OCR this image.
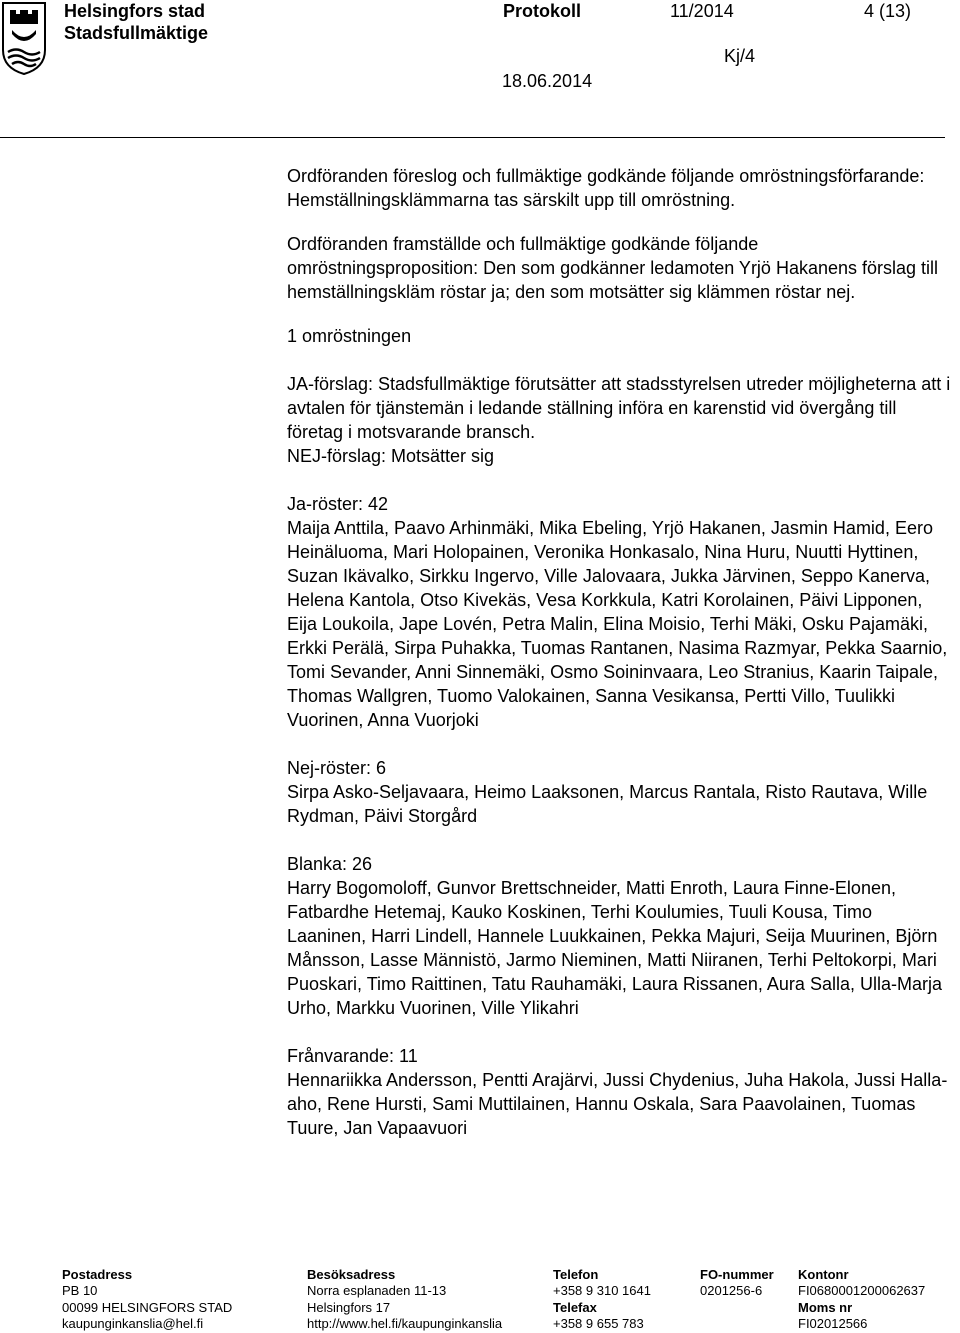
Helsingfors stad
Stadsfullmäktige
Protokoll	11/2014	4 (13)
Kj/4
18.06.2014

Ordföranden föreslog och fullmäktige godkände följande omröstningsförfarande: Hemställningsklämmarna tas särskilt upp till omröstning.

Ordföranden framställde och fullmäktige godkände följande omröstningsproposition: Den som godkänner ledamoten Yrjö Hakanens förslag till hemställningskläm röstar ja; den som motsätter sig klämmen röstar nej.

1 omröstningen

JA-förslag: Stadsfullmäktige förutsätter att stadsstyrelsen utreder möjligheterna att i avtalen för tjänstemän i ledande ställning införa en karenstid vid övergång till företag i motsvarande bransch.

NEJ-förslag: Motsätter sig

Ja-röster: 42

Maija Anttila, Paavo Arhinmäki, Mika Ebeling, Yrjö Hakanen, Jasmin Hamid, Eero Heinäluoma, Mari Holopainen, Veronika Honkasalo, Nina Huru, Nuutti Hyttinen, Suzan Ikävalko, Sirkku Ingervo, Ville Jalovaara, Jukka Järvinen, Seppo Kanerva, Helena Kantola, Otso Kivekäs, Vesa Korkkula, Katri Korolainen, Päivi Lipponen, Eija Loukoila, Jape Lovén, Petra Malin, Elina Moisio, Terhi Mäki, Osku Pajamäki, Erkki Perälä, Sirpa Puhakka, Tuomas Rantanen, Nasima Razmyar, Pekka Saarnio, Tomi Sevander, Anni Sinnemäki, Osmo Soininvaara, Leo Stranius, Kaarin Taipale, Thomas Wallgren, Tuomo Valokainen, Sanna Vesikansa, Pertti Villo, Tuulikki Vuorinen, Anna Vuorjoki

Nej-röster: 6

Sirpa Asko-Seljavaara, Heimo Laaksonen, Marcus Rantala, Risto Rautava, Wille Rydman, Päivi Storgård

Blanka: 26

Harry Bogomoloff, Gunvor Brettschneider, Matti Enroth, Laura Finne-Elonen, Fatbardhe Hetemaj, Kauko Koskinen, Terhi Koulumies, Tuuli Kousa, Timo Laaninen, Harri Lindell, Hannele Luukkainen, Pekka Majuri, Seija Muurinen, Björn Månsson, Lasse Männistö, Jarmo Nieminen, Matti Niiranen, Terhi Peltokorpi, Mari Puoskari, Timo Raittinen, Tatu Rauhamäki, Laura Rissanen, Aura Salla, Ulla-Marja Urho, Markku Vuorinen, Ville Ylikahri

Frånvarande: 11

Hennariikka Andersson, Pentti Arajärvi, Jussi Chydenius, Juha Hakola, Jussi Halla-aho, Rene Hursti, Sami Muttilainen, Hannu Oskala, Sara Paavolainen, Tuomas Tuure, Jan Vapaavuori

Postadress
PB 10
00099 HELSINGFORS STAD
kaupunginkanslia@hel.fi
Besöksadress
Norra esplanaden 11-13
Helsingfors 17
http://www.hel.fi/kaupunginkanslia
Telefon
+358 9 310 1641
Telefax
+358 9 655 783
FO-nummer
0201256-6
Kontonr
FI0680001200062637
Moms nr
FI02012566
